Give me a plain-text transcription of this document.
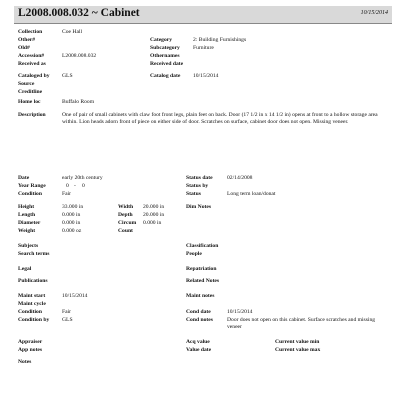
L2008.008.032 ~ Cabinet	10/15/2014
Collection	Coe Hall
Other#
Old#
Accession#	L2008.008.032
Received as
Category	2: Building Furnishings
Subcategory Furniture
Othernames
Received date
Cataloged by GLS	Catalog date 10/15/2014
Source
Creditline
Home loc	Buffalo Room
Description	One of pair of small cabinets with claw foot front legs, plain feet on back. Door (17 1/2 in x 14 1/2 in) opens at front to a hollow storage area within. Lion heads adorn front of piece on either side of door. Scratches on surface, cabinet door does not open. Missing veneer.
Date	early 20th century
Year Range	0 - 0
Condition	Fair
Status date	02/14/2008
Status by
Status	Long term loan/donat
Height	33.000 in
Length	0.000 in
Diameter	0.000 in
Weight	0.000 oz
Width 20.000 in
Depth 20.000 in
Circum 0.000 in
Count
Dim Notes
Subjects
Search terms
Classification
People
Legal
Publications
Repatriation
Related Notes
Maint start	10/15/2014
Maint cycle
Condition	Fair
Condition by GLS
Maint notes
Cond date	10/15/2014
Cond notes	Door does not open on this cabinet. Surface scratches and missing veneer
Appraiser
App notes
Notes
Acq value
Value date
Current value min
Current value max
